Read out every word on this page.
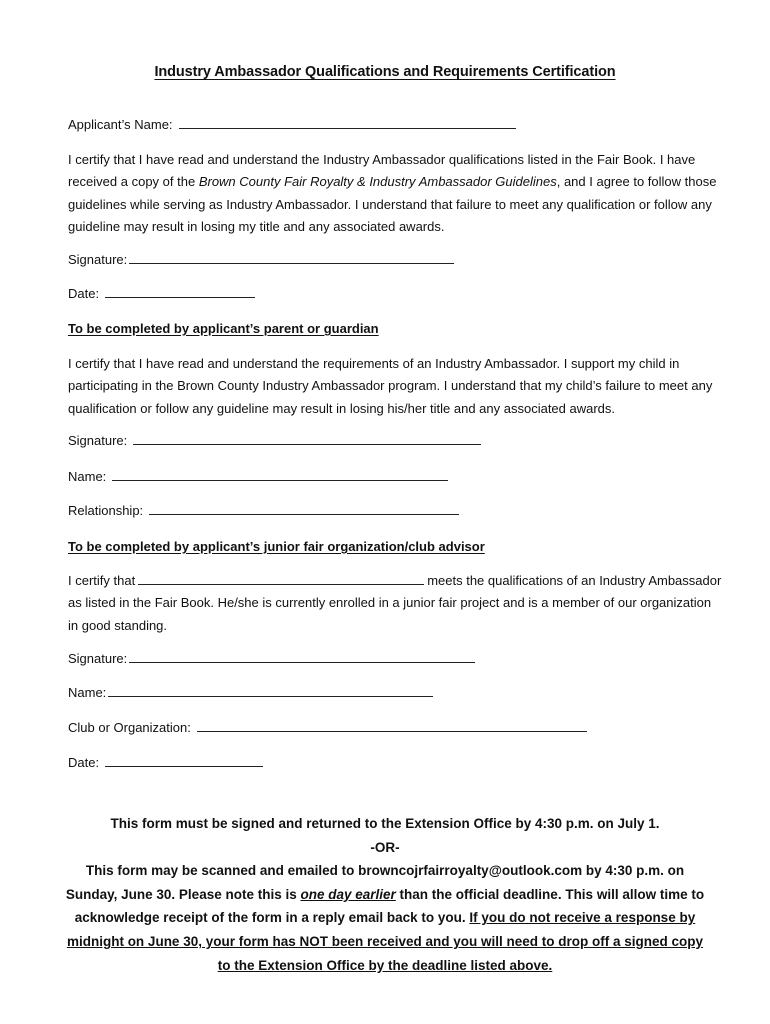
Industry Ambassador Qualifications and Requirements Certification
Applicant’s Name:
I certify that I have read and understand the Industry Ambassador qualifications listed in the Fair Book. I have received a copy of the Brown County Fair Royalty & Industry Ambassador Guidelines, and I agree to follow those guidelines while serving as Industry Ambassador. I understand that failure to meet any qualification or follow any guideline may result in losing my title and any associated awards.
Signature:
Date:
To be completed by applicant’s parent or guardian
I certify that I have read and understand the requirements of an Industry Ambassador. I support my child in participating in the Brown County Industry Ambassador program. I understand that my child’s failure to meet any qualification or follow any guideline may result in losing his/her title and any associated awards.
Signature:
Name:
Relationship:
To be completed by applicant’s junior fair organization/club advisor
I certify that	meets the qualifications of an Industry Ambassador as listed in the Fair Book. He/she is currently enrolled in a junior fair project and is a member of our organization in good standing.
Signature:
Name:
Club or Organization:
Date:
This form must be signed and returned to the Extension Office by 4:30 p.m. on July 1.
-OR-
This form may be scanned and emailed to browncojrfairroyalty@outlook.com by 4:30 p.m. on Sunday, June 30. Please note this is one day earlier than the official deadline. This will allow time to acknowledge receipt of the form in a reply email back to you. If you do not receive a response by midnight on June 30, your form has NOT been received and you will need to drop off a signed copy to the Extension Office by the deadline listed above.
